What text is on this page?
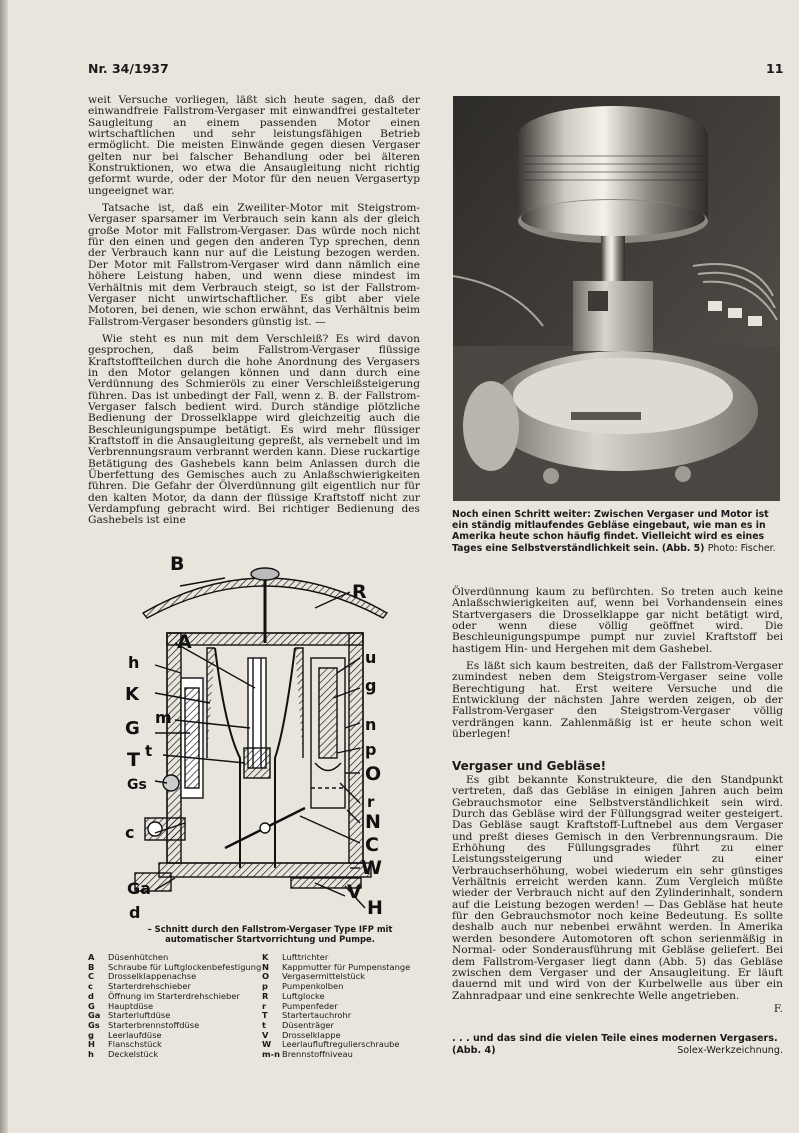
Nr. 34/1937	11

weit Versuche vorliegen, läßt sich heute sagen, daß der einwandfreie Fallstrom-Vergaser mit einwandfrei gestalteter Saugleitung an einem passenden Motor einen wirtschaftlichen und sehr leistungsfähigen Betrieb ermöglicht. Die meisten Einwände gegen diesen Vergaser gelten nur bei falscher Behandlung oder bei älteren Konstruktionen, wo etwa die Ansaugleitung nicht richtig geformt wurde, oder der Motor für den neuen Vergasertyp ungeeignet war.

Tatsache ist, daß ein Zweiliter-Motor mit Steigstrom-Vergaser sparsamer im Verbrauch sein kann als der gleich große Motor mit Fallstrom-Vergaser. Das würde noch nicht für den einen und gegen den anderen Typ sprechen, denn der Verbrauch kann nur auf die Leistung bezogen werden. Der Motor mit Fallstrom-Vergaser wird dann nämlich eine höhere Leistung haben, und wenn diese mindest im Verhältnis mit dem Verbrauch steigt, so ist der Fallstrom-Vergaser nicht unwirtschaftlicher. Es gibt aber viele Motoren, bei denen, wie schon erwähnt, das Verhältnis beim Fallstrom-Vergaser besonders günstig ist. —

Wie steht es nun mit dem Verschleiß? Es wird davon gesprochen, daß beim Fallstrom-Vergaser flüssige Kraftstoffteilchen durch die hohe Anordnung des Vergasers in den Motor gelangen können und dann durch eine Verdünnung des Schmieröls zu einer Verschleißsteigerung führen. Das ist unbedingt der Fall, wenn z. B. der Fallstrom-Vergaser falsch bedient wird. Durch ständige plötzliche Bedienung der Drosselklappe wird gleichzeitig auch die Beschleunigungspumpe betätigt. Es wird mehr flüssiger Kraftstoff in die Ansaugleitung gepreßt, als vernebelt und im Verbrennungsraum verbrannt werden kann. Diese ruckartige Betätigung des Gashebels kann beim Anlassen durch die Überfettung des Gemisches auch zu Anlaßschwierigkeiten führen. Die Gefahr der Ölverdünnung gilt eigentlich nur für den kalten Motor, da dann der flüssige Kraftstoff nicht zur Verdampfung gebracht wird. Bei richtiger Bedienung des Gashebels ist eine	Noch einen Schritt weiter: Zwischen Vergaser und Motor ist ein ständig mitlaufendes Gebläse eingebaut, wie man es in Amerika heute schon häufig findet. Vielleicht wird es eines Tages eine Selbstverständlichkeit sein. (Abb. 5) Photo: Fischer.

Ölverdünnung kaum zu befürchten. So treten auch keine Anlaßschwierigkeiten auf, wenn bei Vorhandensein eines Startvergasers die Drosselklappe gar nicht betätigt wird, oder wenn diese völlig geöffnet wird. Die Beschleunigungspumpe pumpt nur zuviel Kraftstoff bei hastigem Hin- und Hergehen mit dem Gashebel.

Es läßt sich kaum bestreiten, daß der Fallstrom-Vergaser zumindest neben dem Steigstrom-Vergaser seine volle Berechtigung hat. Erst weitere Versuche und die Entwicklung der nächsten Jahre werden zeigen, ob der Fallstrom-Vergaser den Steigstrom-Vergaser völlig verdrängen kann. Zahlenmäßig ist er heute schon weit überlegen!

Vergaser und Gebläse!

Es gibt bekannte Konstrukteure, die den Standpunkt vertreten, daß das Gebläse in einigen Jahren auch beim Gebrauchsmotor eine Selbstverständlichkeit sein wird. Durch das Gebläse wird der Füllungsgrad weiter gesteigert. Das Gebläse saugt Kraftstoff-Luftnebel aus dem Vergaser und preßt dieses Gemisch in den Verbrennungsraum. Die Erhöhung des Füllungsgrades führt zu einer Leistungssteigerung und wieder zu einer Verbrauchserhöhung, wobei wiederum ein sehr günstiges Verhältnis erreicht werden kann. Zum Vergleich müßte wieder der Verbrauch nicht auf den Zylinderinhalt, sondern auf die Leistung bezogen werden! — Das Gebläse hat heute für den Gebrauchsmotor noch keine Bedeutung. Es sollte deshalb auch nur nebenbei erwähnt werden. In Amerika werden besondere Automotoren oft schon serienmäßig in Normal- oder Sonderausführung mit Gebläse geliefert. Bei dem Fallstrom-Vergaser liegt dann (Abb. 5) das Gebläse zwischen dem Vergaser und der Ansaugleitung. Er läuft dauernd mit und wird von der Kurbelwelle aus über ein Zahnradpaar und eine senkrechte Welle angetrieben.

F.

B
A
h
K
G
m
T t
Gs
c
Ga
d
R
u
g
n
p
O
r
N
C
W
V
H
– Schnitt durch den Fallstrom-Vergaser Type IFP mit automatischer Startvorrichtung und Pumpe.
A	Düsenhütchen
B	Schraube für Luftglockenbefestigung
C	Drosselklappenachse
c	Starterdrehschieber
d	Öffnung im Starterdrehschieber
G	Hauptdüse
Ga Starterluftdüse
Gs Starterbrennstoffdüse
g	Leerlaufdüse
H	Flanschstück
h	Deckelstück
K	Lufttrichter
N	Kappmutter für Pumpenstange
O	Vergasermittelstück
p	Pumpenkolben
R	Luftglocke
r	Pumpenfeder
T	Startertauchrohr
t	Düsenträger
V	Drosselklappe
W	Leerlaufluftregulierschraube
m-n Brennstoffniveau
. . . und das sind die vielen Teile eines modernen Vergasers. (Abb. 4)	Solex-Werkzeichnung.
